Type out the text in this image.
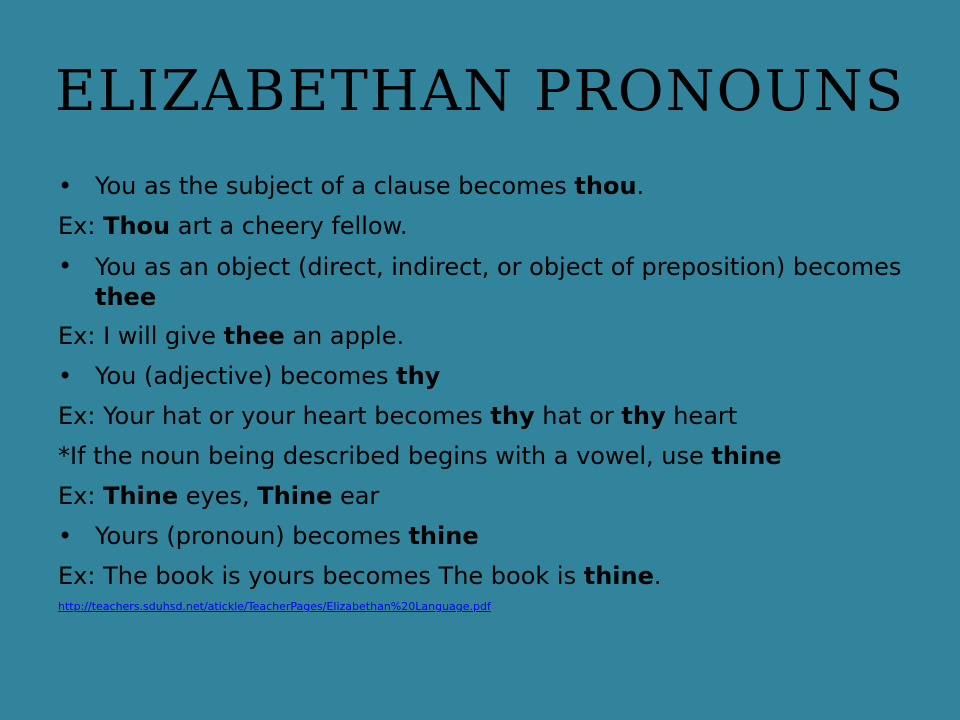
ELIZABETHAN PRONOUNS
• You as the subject of a clause becomes thou.
Ex: Thou art a cheery fellow.
• You as an object (direct, indirect, or object of preposition) becomes thee
Ex: I will give thee an apple.
• You (adjective) becomes thy
Ex: Your hat or your heart becomes thy hat or thy heart
*If the noun being described begins with a vowel, use thine
Ex: Thine eyes, Thine ear
• Yours (pronoun) becomes thine
Ex: The book is yours becomes The book is thine.
http://teachers.sduhsd.net/atickle/TeacherPages/Elizabethan%20Language.pdf
